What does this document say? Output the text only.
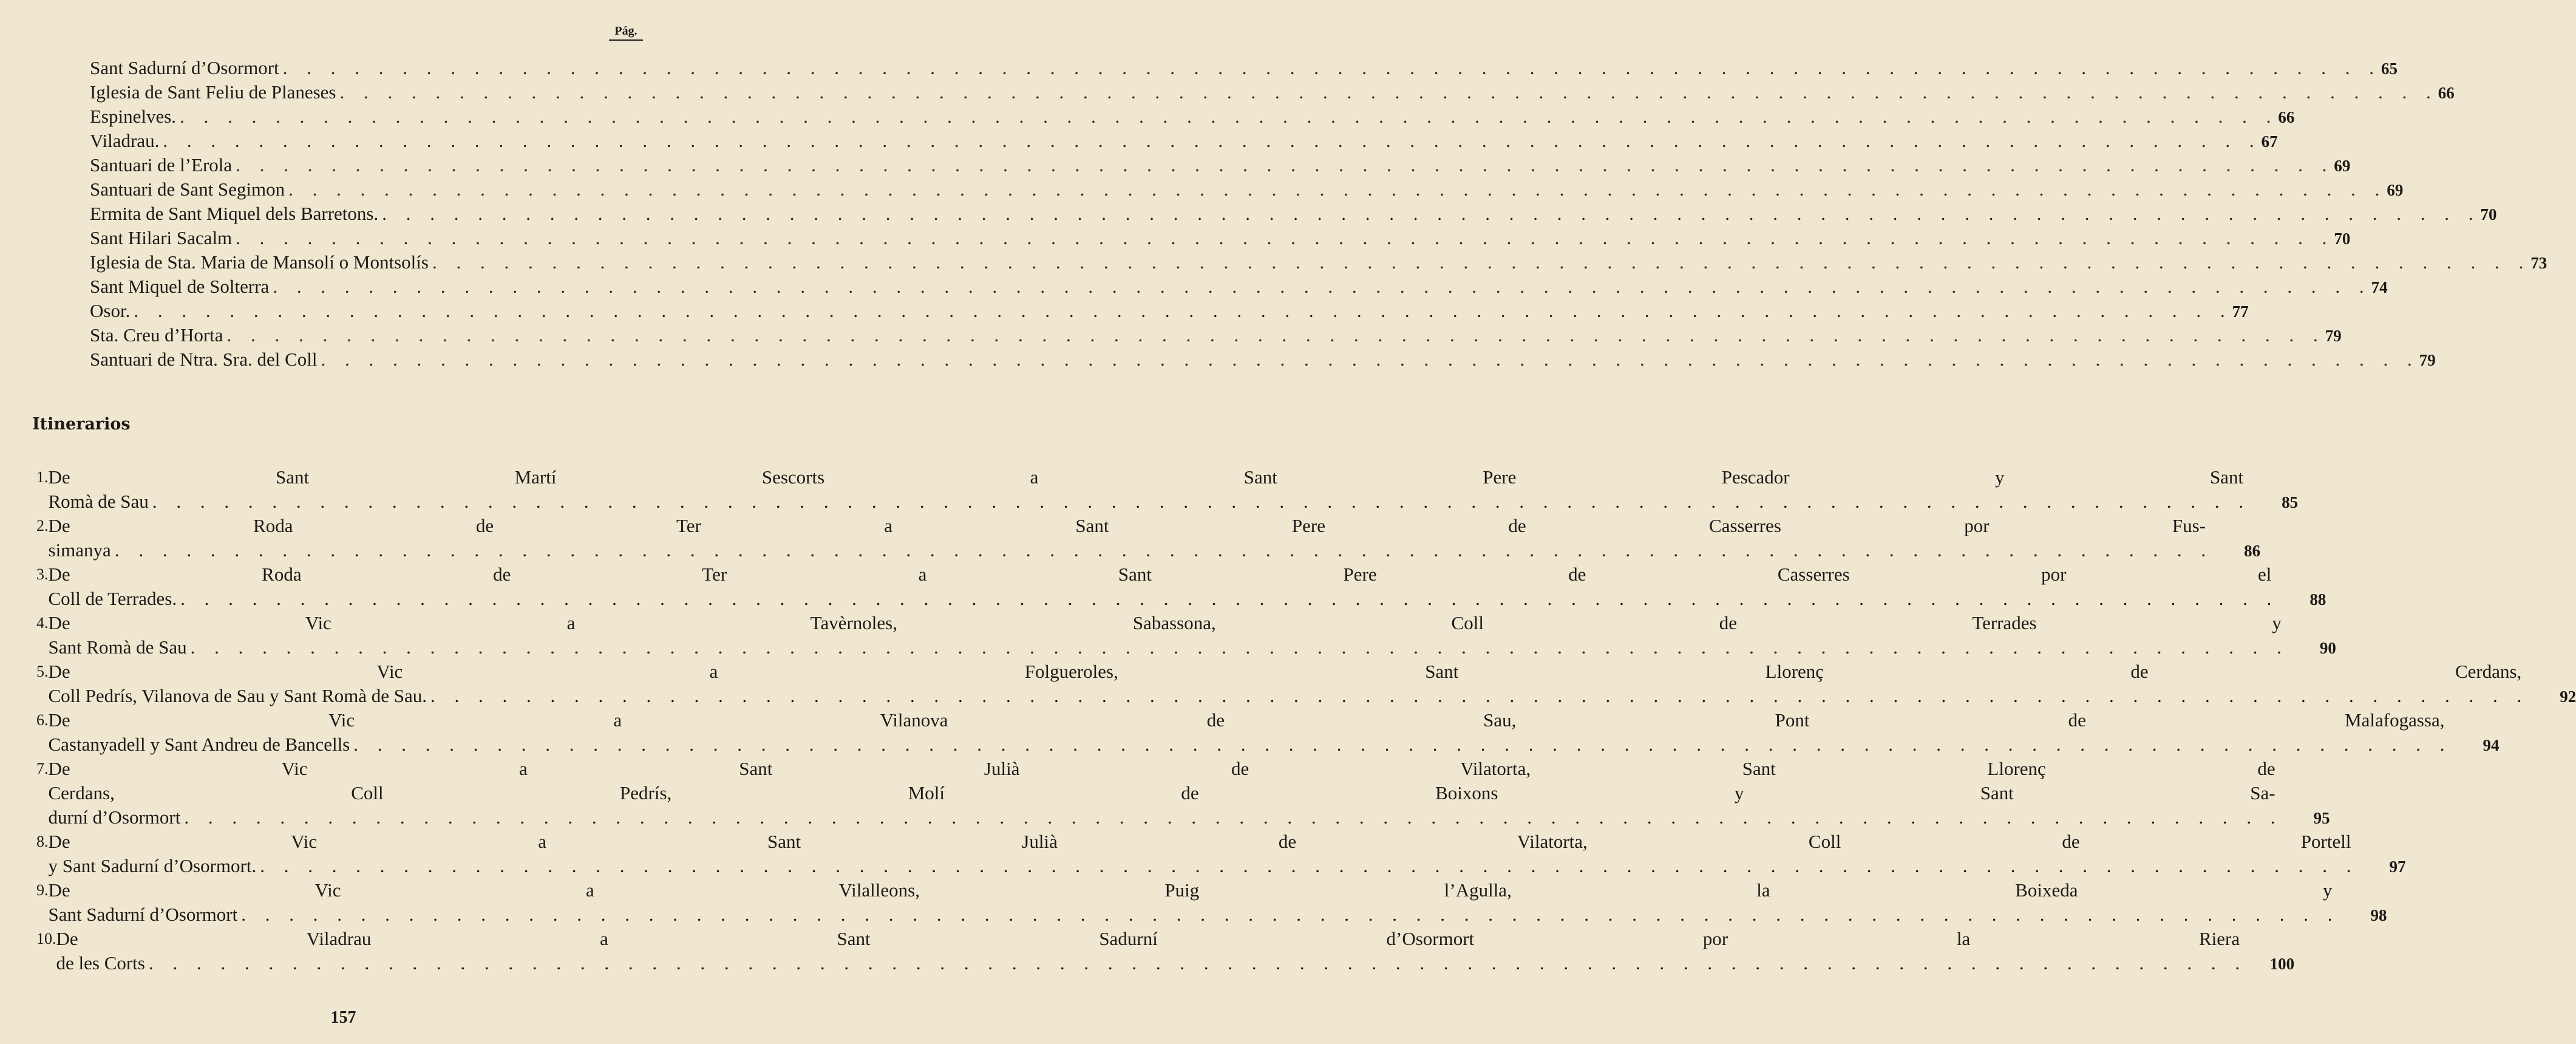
Pág.
Sant Sadurní d’Osormort . . . . . . . . . . . . . . . . . . . . . . . . . . . . . . . . . . . . . . . . . . . . . . . . . . . . . . . . . . . . . . . . . . . . . . . . . . . . . . . . . . . . . . . . 65
Iglesia de Sant Feliu de Planeses . . . . . . . . . . . . . . . . . . . . . . . . . . . . . . . . . . . . . . . . . . . . . . . . . . . . . . . . . . . . . . . . . . . . . . . . . . . . . . . . . . . . . . . . 66
Espinelves. . . . . . . . . . . . . . . . . . . . . . . . . . . . . . . . . . . . . . . . . . . . . . . . . . . . . . . . . . . . . . . . . . . . . . . . . . . . . . . . . . . . . . . . . 66
Viladrau. . . . . . . . . . . . . . . . . . . . . . . . . . . . . . . . . . . . . . . . . . . . . . . . . . . . . . . . . . . . . . . . . . . . . . . . . . . . . . . . . . . . . . . . . 67
Santuari de l’Erola . . . . . . . . . . . . . . . . . . . . . . . . . . . . . . . . . . . . . . . . . . . . . . . . . . . . . . . . . . . . . . . . . . . . . . . . . . . . . . . . . . . . . . . . 69
Santuari de Sant Segimon . . . . . . . . . . . . . . . . . . . . . . . . . . . . . . . . . . . . . . . . . . . . . . . . . . . . . . . . . . . . . . . . . . . . . . . . . . . . . . . . . . . . . . . . 69
Ermita de Sant Miquel dels Barretons. . . . . . . . . . . . . . . . . . . . . . . . . . . . . . . . . . . . . . . . . . . . . . . . . . . . . . . . . . . . . . . . . . . . . . . . . . . . . . . . . . . . . . . . . 70
Sant Hilari Sacalm . . . . . . . . . . . . . . . . . . . . . . . . . . . . . . . . . . . . . . . . . . . . . . . . . . . . . . . . . . . . . . . . . . . . . . . . . . . . . . . . . . . . . . . . 70
Iglesia de Sta. Maria de Mansolí o Montsolís . . . . . . . . . . . . . . . . . . . . . . . . . . . . . . . . . . . . . . . . . . . . . . . . . . . . . . . . . . . . . . . . . . . . . . . . . . . . . . . . . . . . . . . . 73
Sant Miquel de Solterra . . . . . . . . . . . . . . . . . . . . . . . . . . . . . . . . . . . . . . . . . . . . . . . . . . . . . . . . . . . . . . . . . . . . . . . . . . . . . . . . . . . . . . . . 74
Osor. . . . . . . . . . . . . . . . . . . . . . . . . . . . . . . . . . . . . . . . . . . . . . . . . . . . . . . . . . . . . . . . . . . . . . . . . . . . . . . . . . . . . . . . . 77
Sta. Creu d’Horta . . . . . . . . . . . . . . . . . . . . . . . . . . . . . . . . . . . . . . . . . . . . . . . . . . . . . . . . . . . . . . . . . . . . . . . . . . . . . . . . . . . . . . . . 79
Santuari de Ntra. Sra. del Coll . . . . . . . . . . . . . . . . . . . . . . . . . . . . . . . . . . . . . . . . . . . . . . . . . . . . . . . . . . . . . . . . . . . . . . . . . . . . . . . . . . . . . . . . 79
Itinerarios
1. De Sant Martí Sescorts a Sant Pere Pescador y Sant
Romà de Sau . . . . . . . . . . . . . . . . . . . . . . . . . . . . . . . . . . . . . . . . . . . . . . . . . . . . . . . . . . . . . . . . . . . . . . . . . . . . . . . . . . . . . . . .	85
2. De Roda de Ter a Sant Pere de Casserres por Fus-
simanya . . . . . . . . . . . . . . . . . . . . . . . . . . . . . . . . . . . . . . . . . . . . . . . . . . . . . . . . . . . . . . . . . . . . . . . . . . . . . . . . . . . . . . . .	86
3. De Roda de Ter a Sant Pere de Casserres por el
Coll de Terrades. . . . . . . . . . . . . . . . . . . . . . . . . . . . . . . . . . . . . . . . . . . . . . . . . . . . . . . . . . . . . . . . . . . . . . . . . . . . . . . . . . . . . . . . .	88
4. De Vic a Tavèrnoles, Sabassona, Coll de Terrades y
Sant Romà de Sau . . . . . . . . . . . . . . . . . . . . . . . . . . . . . . . . . . . . . . . . . . . . . . . . . . . . . . . . . . . . . . . . . . . . . . . . . . . . . . . . . . . . . . . .	90
5. De Vic a Folgueroles, Sant Llorenç de Cerdans,
Coll Pedrís, Vilanova de Sau y Sant Romà de Sau. . . . . . . . . . . . . . . . . . . . . . . . . . . . . . . . . . . . . . . . . . . . . . . . . . . . . . . . . . . . . . . . . . . . . . . . . . . . . . . . . . . . . . . . .	92
6. De Vic a Vilanova de Sau, Pont de Malafogassa,
Castanyadell y Sant Andreu de Bancells . . . . . . . . . . . . . . . . . . . . . . . . . . . . . . . . . . . . . . . . . . . . . . . . . . . . . . . . . . . . . . . . . . . . . . . . . . . . . . . . . . . . . . . .	94
7. De Vic a Sant Julià de Vilatorta, Sant Llorenç de
Cerdans, Coll Pedrís, Molí de Boixons y Sant Sa-
durní d’Osormort . . . . . . . . . . . . . . . . . . . . . . . . . . . . . . . . . . . . . . . . . . . . . . . . . . . . . . . . . . . . . . . . . . . . . . . . . . . . . . . . . . . . . . . .	95
8. De Vic a Sant Julià de Vilatorta, Coll de Portell
y Sant Sadurní d’Osormort. . . . . . . . . . . . . . . . . . . . . . . . . . . . . . . . . . . . . . . . . . . . . . . . . . . . . . . . . . . . . . . . . . . . . . . . . . . . . . . . . . . . . . . . .	97
9. De Vic a Vilalleons, Puig l’Agulla, la Boixeda y
Sant Sadurní d’Osormort . . . . . . . . . . . . . . . . . . . . . . . . . . . . . . . . . . . . . . . . . . . . . . . . . . . . . . . . . . . . . . . . . . . . . . . . . . . . . . . . . . . . . . . .	98
10. De Viladrau a Sant Sadurní d’Osormort por la Riera
de les Corts . . . . . . . . . . . . . . . . . . . . . . . . . . . . . . . . . . . . . . . . . . . . . . . . . . . . . . . . . . . . . . . . . . . . . . . . . . . . . . . . . . . . . . . .	100
157
